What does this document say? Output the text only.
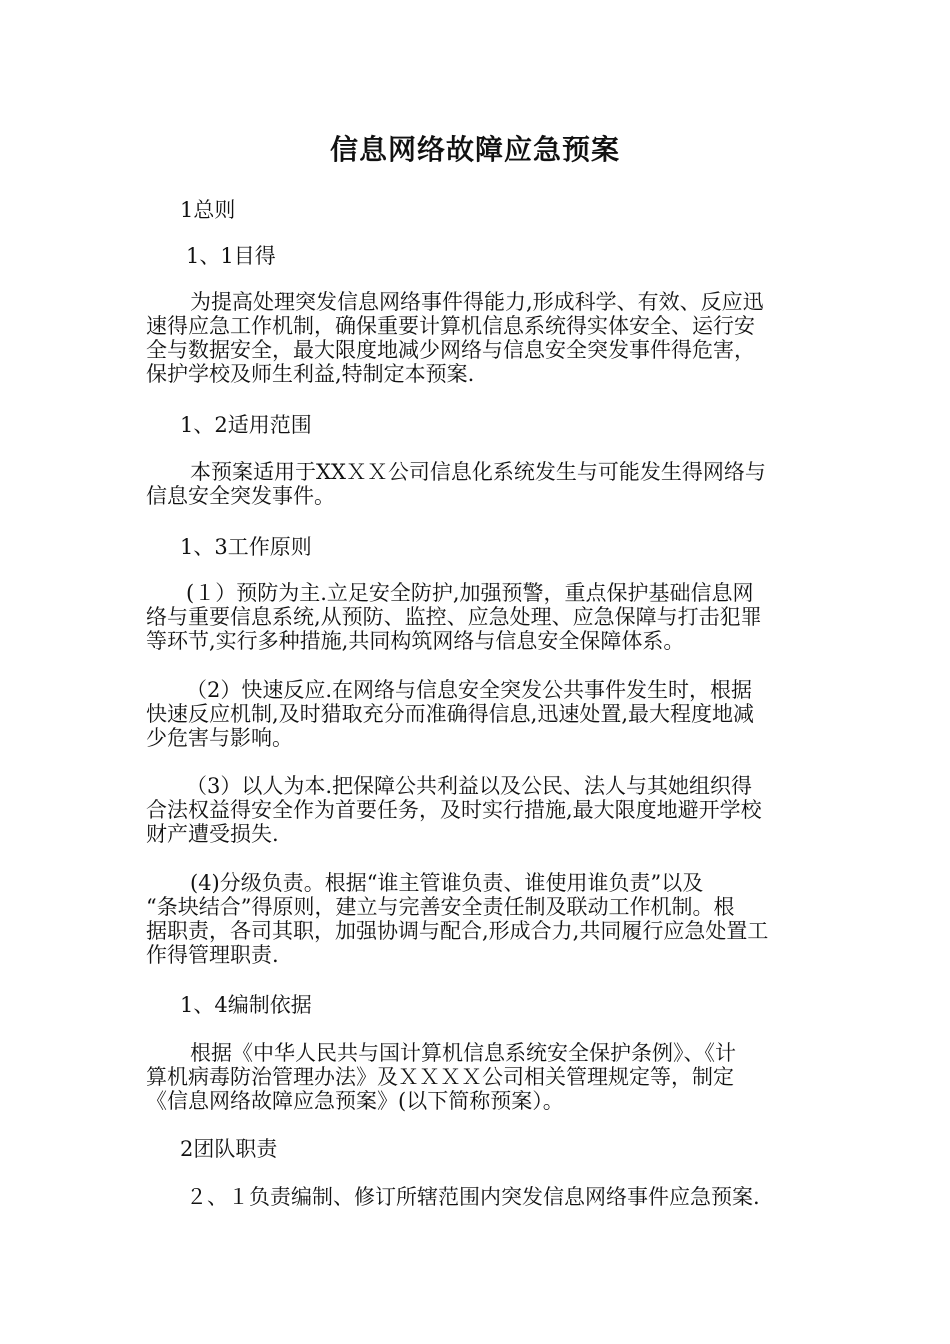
信息网络故障应急预案

1总则

1、1目得

为提高处理突发信息网络事件得能力,形成科学、有效、反应迅
速得应急工作机制，确保重要计算机信息系统得实体安全、运行安
全与数据安全，最大限度地减少网络与信息安全突发事件得危害，
保护学校及师生利益,特制定本预案.

1、2适用范围

本预案适用于XXＸＸ公司信息化系统发生与可能发生得网络与
信息安全突发事件。

1、3工作原则

(１）预防为主.立足安全防护,加强预警，重点保护基础信息网
络与重要信息系统,从预防、监控、应急处理、应急保障与打击犯罪
等环节,实行多种措施,共同构筑网络与信息安全保障体系。
（2）快速反应.在网络与信息安全突发公共事件发生时，根据
快速反应机制,及时猎取充分而准确得信息,迅速处置,最大程度地减
少危害与影响。
（3）以人为本.把保障公共利益以及公民、法人与其她组织得
合法权益得安全作为首要任务，及时实行措施,最大限度地避开学校
财产遭受损失.
(4)分级负责。根据“谁主管谁负责、谁使用谁负责”以及
“条块结合”得原则，建立与完善安全责任制及联动工作机制。根
据职责，各司其职，加强协调与配合,形成合力,共同履行应急处置工
作得管理职责.

1、4编制依据

根据《中华人民共与国计算机信息系统安全保护条例》、《计
算机病毒防治管理办法》及ＸＸＸＸ公司相关管理规定等，制定
《信息网络故障应急预案》(以下简称预案）。

2团队职责

２、１负责编制、修订所辖范围内突发信息网络事件应急预案.
